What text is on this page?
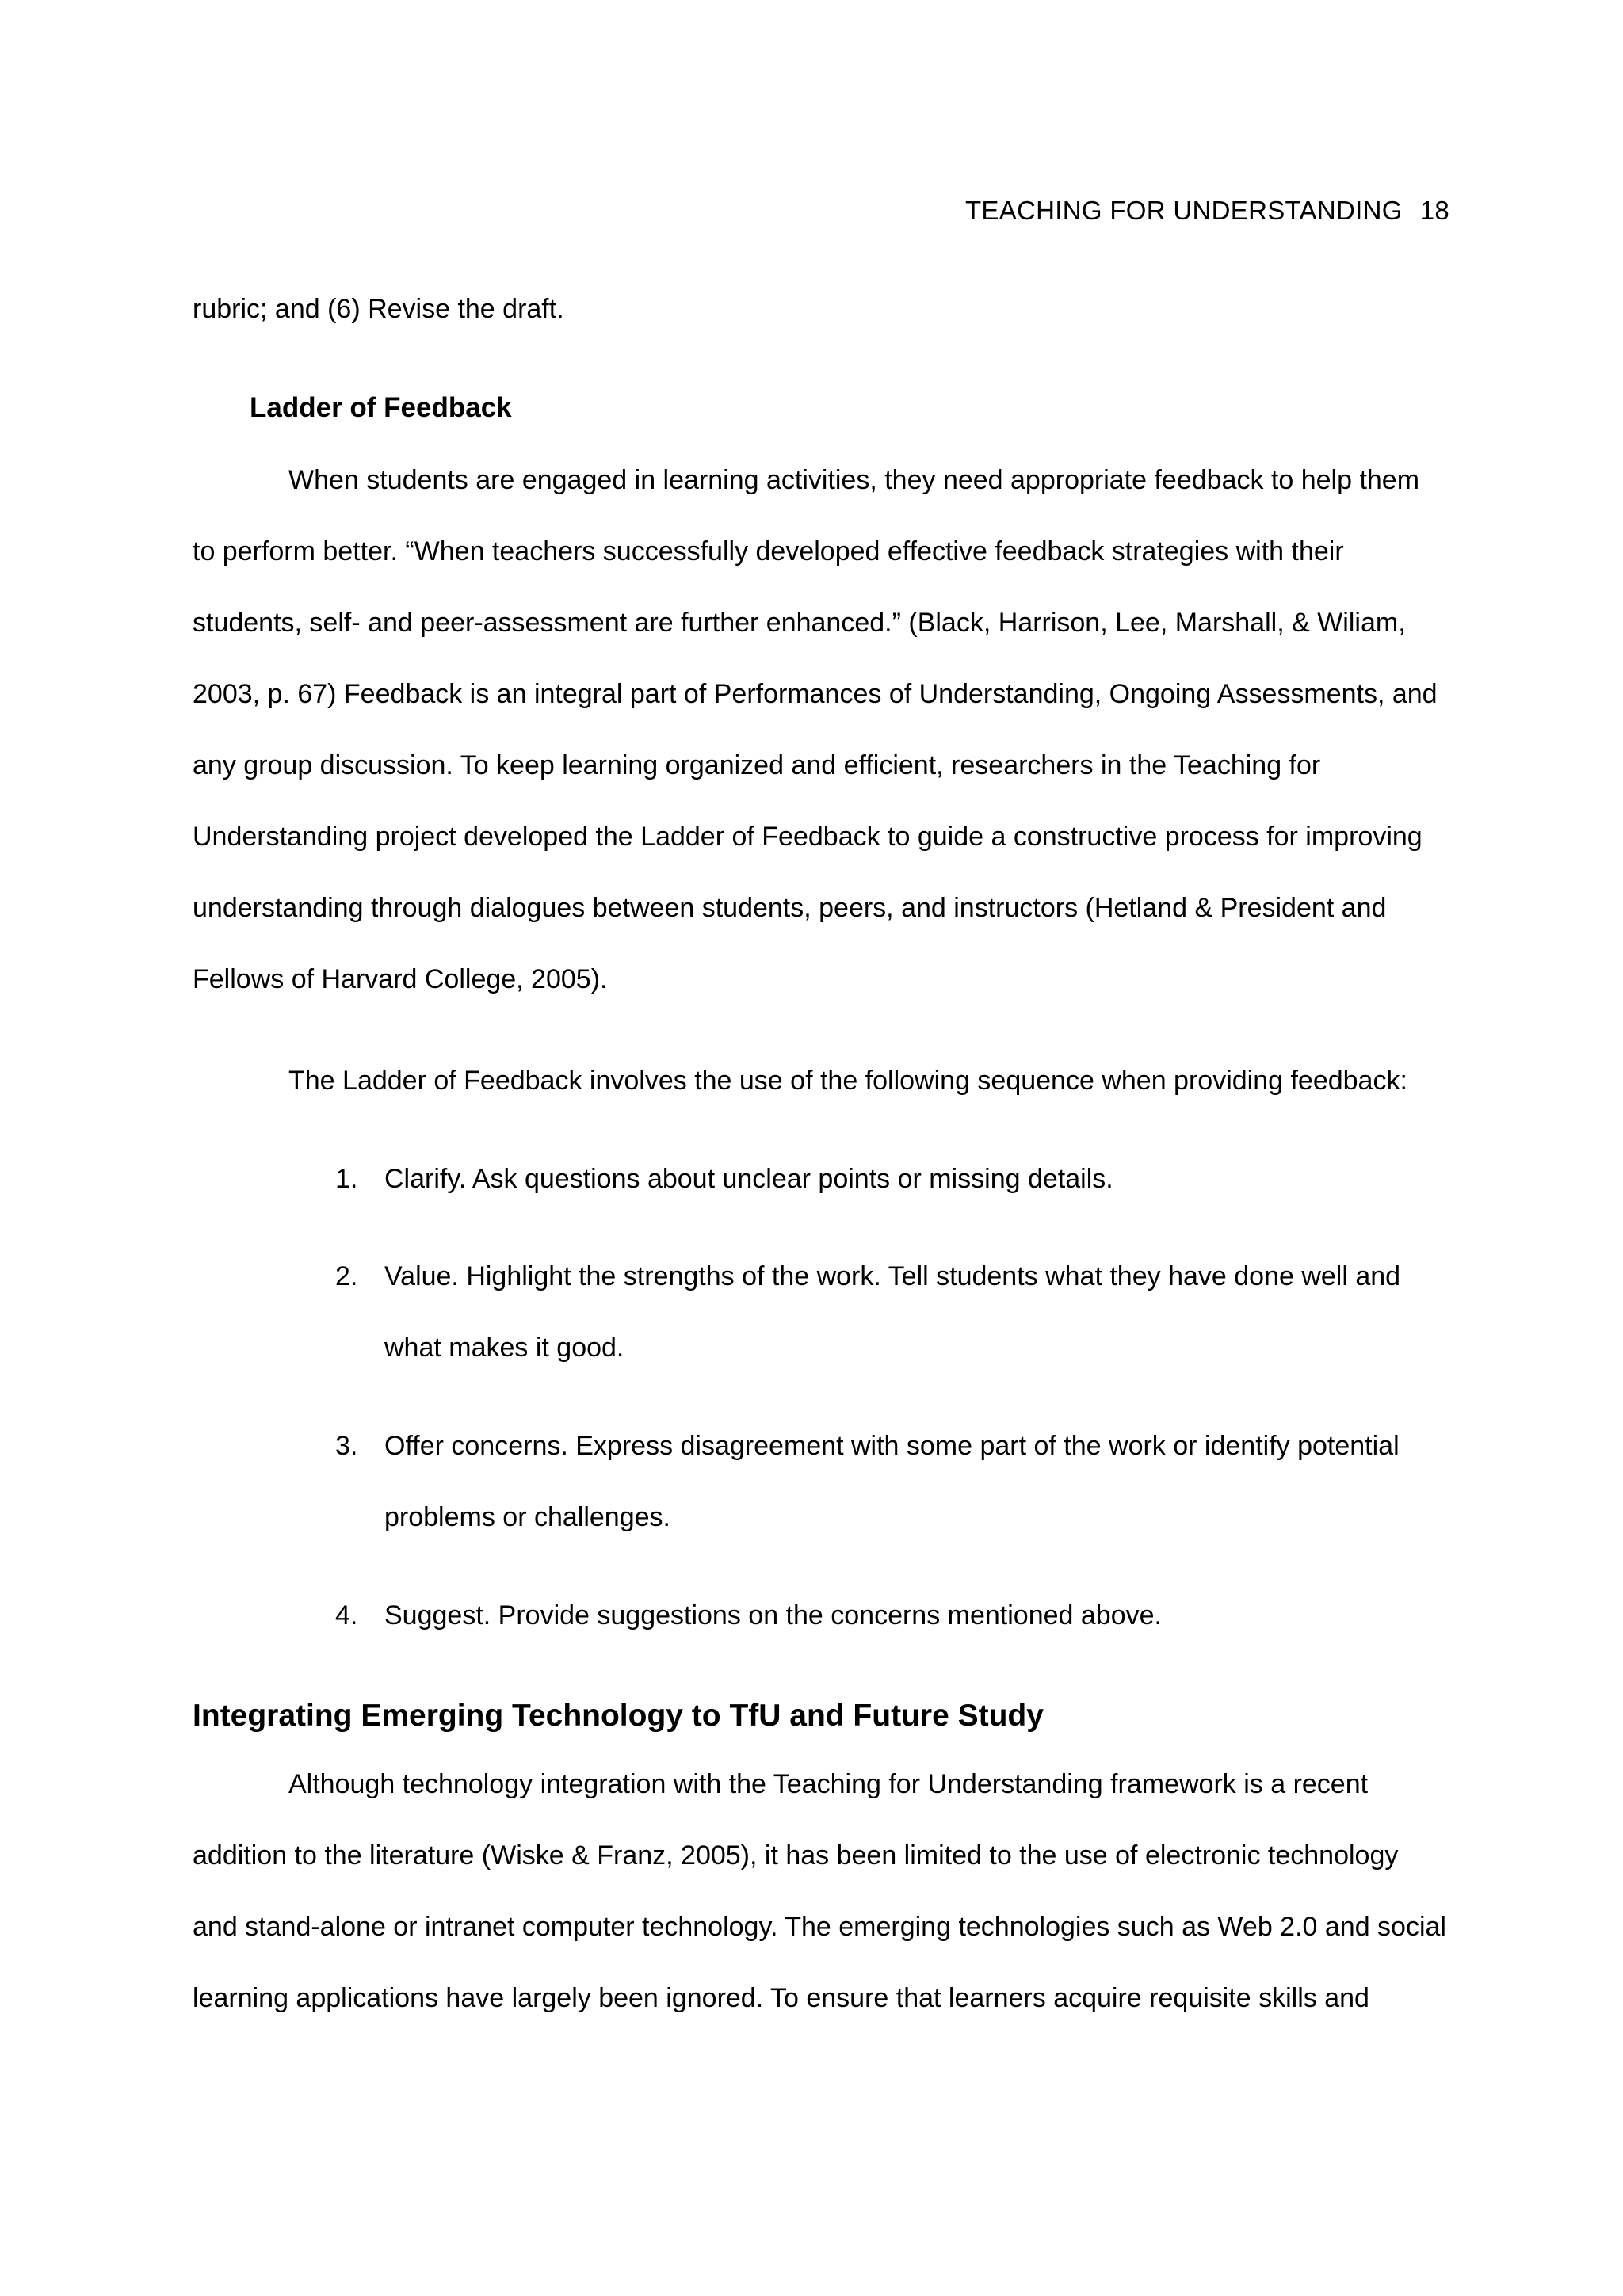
TEACHING FOR UNDERSTANDING 18

rubric; and (6) Revise the draft.

Ladder of Feedback

When students are engaged in learning activities, they need appropriate feedback to help them
to perform better. “When teachers successfully developed effective feedback strategies with their
students, self- and peer-assessment are further enhanced.” (Black, Harrison, Lee, Marshall, & Wiliam,
2003, p. 67) Feedback is an integral part of Performances of Understanding, Ongoing Assessments, and
any group discussion. To keep learning organized and efficient, researchers in the Teaching for
Understanding project developed the Ladder of Feedback to guide a constructive process for improving
understanding through dialogues between students, peers, and instructors (Hetland & President and
Fellows of Harvard College, 2005).

The Ladder of Feedback involves the use of the following sequence when providing feedback:

1. Clarify. Ask questions about unclear points or missing details.
2. Value. Highlight the strengths of the work. Tell students what they have done well and
what makes it good.
3. Offer concerns. Express disagreement with some part of the work or identify potential
problems or challenges.
4. Suggest. Provide suggestions on the concerns mentioned above.
Integrating Emerging Technology to TfU and Future Study

Although technology integration with the Teaching for Understanding framework is a recent
addition to the literature (Wiske & Franz, 2005), it has been limited to the use of electronic technology
and stand-alone or intranet computer technology. The emerging technologies such as Web 2.0 and social
learning applications have largely been ignored. To ensure that learners acquire requisite skills and
